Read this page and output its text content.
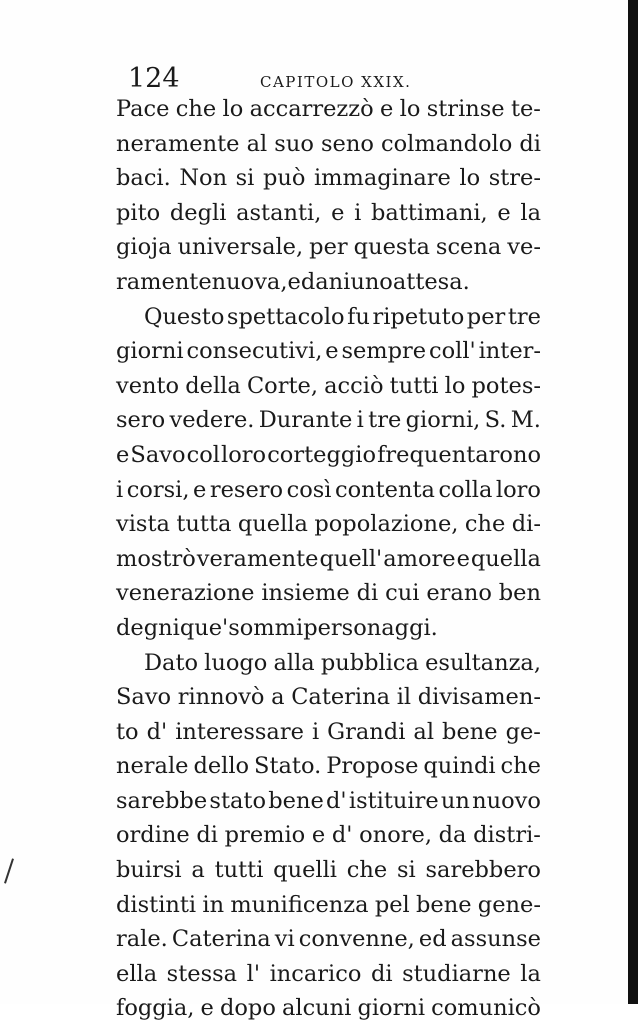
124	CAPITOLO XXIX.
Pace che lo accarrezzò e lo strinse te-
neramente al suo seno colmandolo di
baci. Non si può immaginare lo stre-
pito degli astanti, e i battimani, e la
gioja universale, per questa scena ve-
ramente nuova, e da niuno attesa.
Questo spettacolo fu ripetuto per tre
giorni consecutivi, e sempre coll' inter-
vento della Corte, acciò tutti lo potes-
sero vedere. Durante i tre giorni, S. M.
e Savo col loro corteggio frequentarono
i corsi, e resero così contenta colla loro
vista tutta quella popolazione, che di-
mostrò veramente quell' amore e quella
venerazione insieme di cui erano ben
degni que' sommi personaggi.
Dato luogo alla pubblica esultanza,
Savo rinnovò a Caterina il divisamen-
to d' interessare i Grandi al bene ge-
nerale dello Stato. Propose quindi che
sarebbe stato bene d' istituire un nuovo
ordine di premio e d' onore, da distri-
buirsi a tutti quelli che si sarebbero
distinti in munificenza pel bene gene-
rale. Caterina vi convenne, ed assunse
ella stessa l' incarico di studiarne la
foggia, e dopo alcuni giorni comunicò
